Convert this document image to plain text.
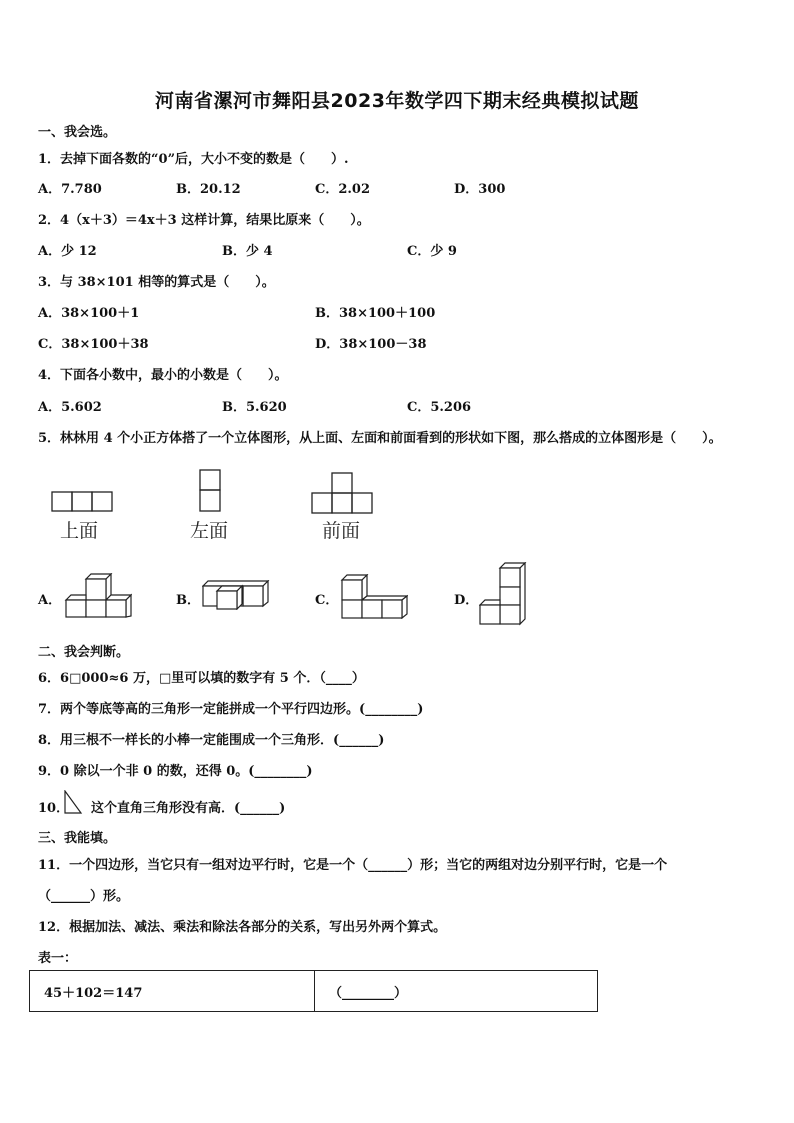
河南省漯河市舞阳县2023年数学四下期末经典模拟试题
一、我会选。
1．去掉下面各数的“0”后，大小不变的数是（　　）.
A．7.780	B．20.12	C．2.02	D．300
2．4（x＋3）＝4x＋3 这样计算，结果比原来（　　）。
A．少 12	B．少 4	C．少 9
3．与 38×101 相等的算式是（　　）。
A．38×100＋1	B．38×100＋100
C．38×100＋38	D．38×100－38
4．下面各小数中，最小的小数是（　　）。
A．5.602	B．5.620	C．5.206
5．林林用 4 个小正方体搭了一个立体图形，从上面、左面和前面看到的形状如下图，那么搭成的立体图形是（　　）。
上面	左面	前面
A．	B．	C．	D．
二、我会判断。
6．6□000≈6 万，□里可以填的数字有 5 个．（____）
7．两个等底等高的三角形一定能拼成一个平行四边形。(________)
8．用三根不一样长的小棒一定能围成一个三角形．(______)
9．0 除以一个非 0 的数，还得 0。(________)
10． 这个直角三角形没有高．(______)
三、我能填。
11．一个四边形，当它只有一组对边平行时，它是一个（______）形；当它的两组对边分别平行时，它是一个
（______）形。
12．根据加法、减法、乘法和除法各部分的关系，写出另外两个算式。
表一：
45＋102＝147	（________）
